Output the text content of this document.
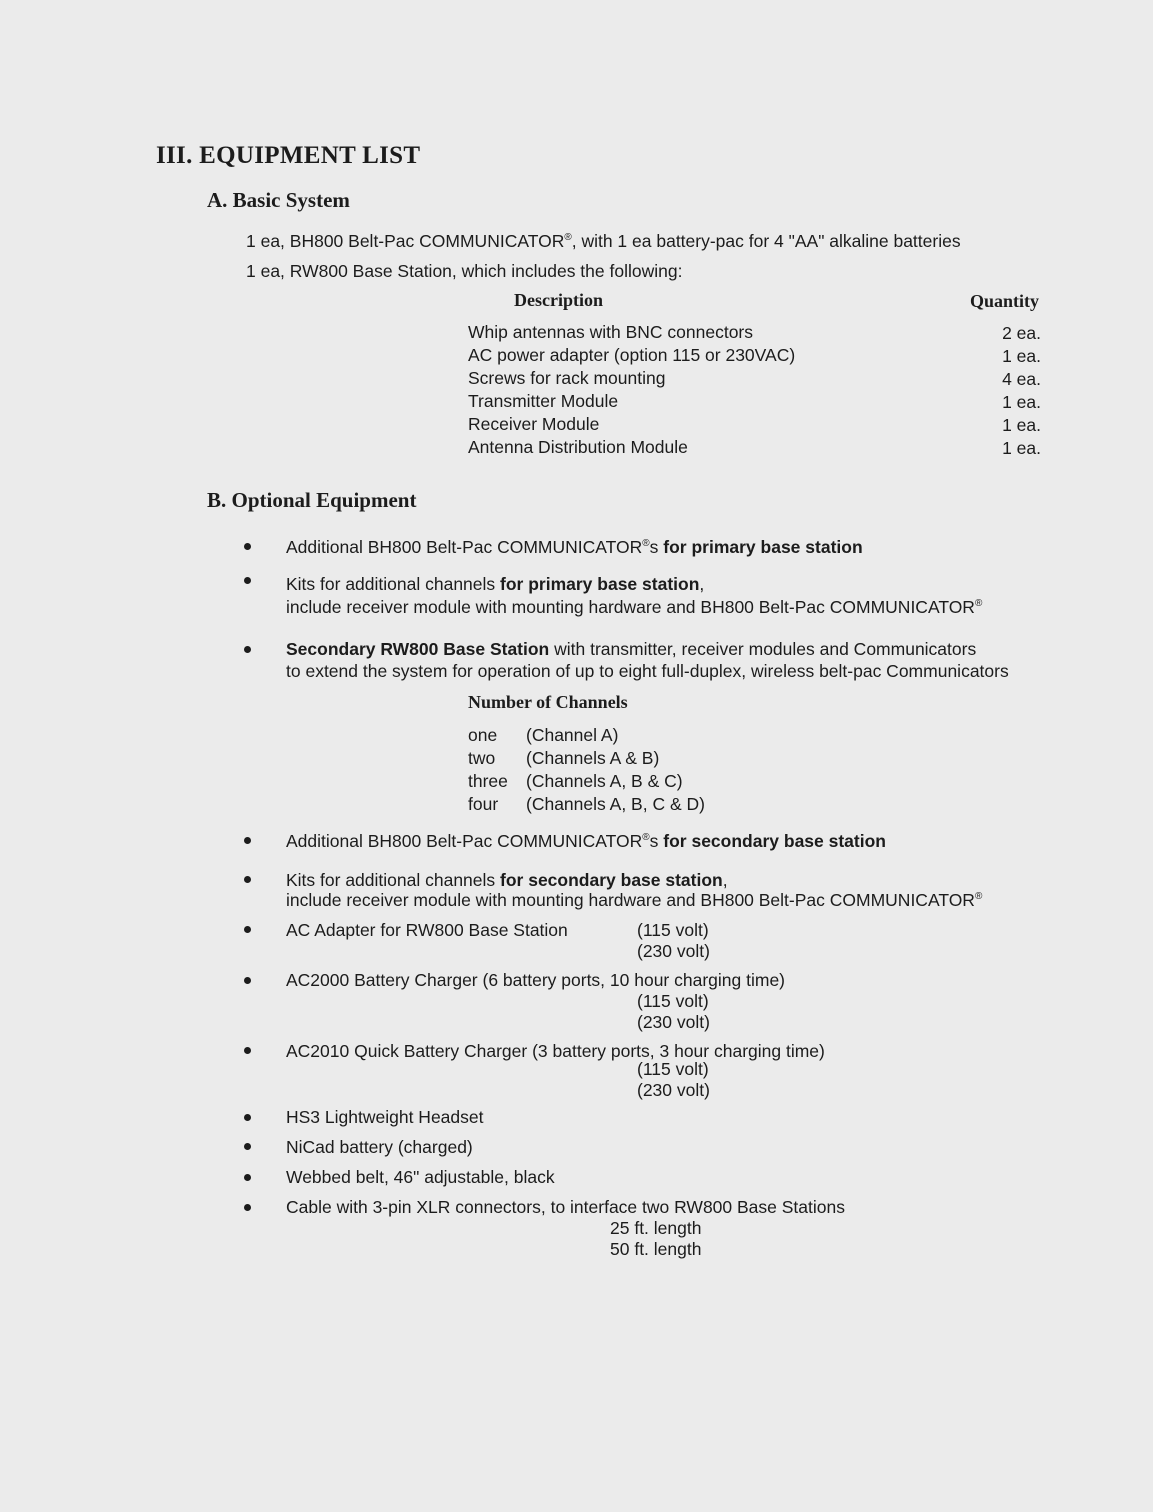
III. EQUIPMENT LIST
A. Basic System
1 ea, BH800 Belt-Pac COMMUNICATOR®, with 1 ea battery-pac for 4 "AA" alkaline batteries
1 ea, RW800 Base Station, which includes the following:
Description	Quantity
Whip antennas with BNC connectors	2 ea.
AC power adapter (option 115 or 230VAC)	1 ea.
Screws for rack mounting	4 ea.
Transmitter Module	1 ea.
Receiver Module	1 ea.
Antenna Distribution Module	1 ea.
B. Optional Equipment
Additional BH800 Belt-Pac COMMUNICATOR®s for primary base station
Kits for additional channels for primary base station,
include receiver module with mounting hardware and BH800 Belt-Pac COMMUNICATOR®
Secondary RW800 Base Station with transmitter, receiver modules and Communicators
to extend the system for operation of up to eight full-duplex, wireless belt-pac Communicators
Number of Channels
one (Channel A)
two (Channels A & B)
three (Channels A, B & C)
four (Channels A, B, C & D)
Additional BH800 Belt-Pac COMMUNICATOR®s for secondary base station
Kits for additional channels for secondary base station,
include receiver module with mounting hardware and BH800 Belt-Pac COMMUNICATOR®
AC Adapter for RW800 Base Station	(115 volt)
(230 volt)
AC2000 Battery Charger (6 battery ports, 10 hour charging time)
(115 volt)
(230 volt)
AC2010 Quick Battery Charger (3 battery ports, 3 hour charging time)
(115 volt)
(230 volt)
HS3 Lightweight Headset
NiCad battery (charged)
Webbed belt, 46" adjustable, black
Cable with 3-pin XLR connectors, to interface two RW800 Base Stations
25 ft. length
50 ft. length
